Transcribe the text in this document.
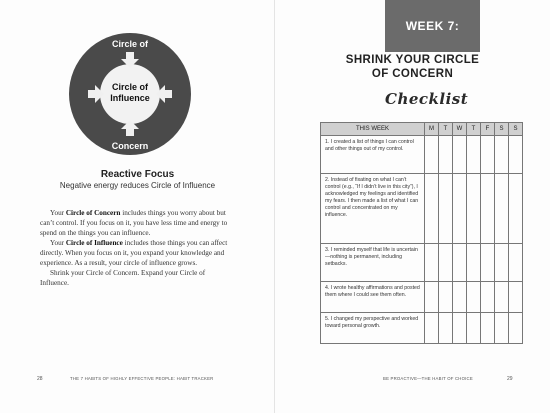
Circle of
Circle of
Influence
Concern
Reactive Focus
Negative energy reduces Circle of Influence

Your Circle of Concern includes things you worry about but can’t control. If you focus on it, you have less time and energy to spend on the things you can influence.

Your Circle of Influence includes those things you can affect directly. When you focus on it, you expand your knowledge and experience. As a result, your circle of influence grows.

Shrink your Circle of Concern. Expand your Circle of Influence.

28	THE 7 HABITS OF HIGHLY EFFECTIVE PEOPLE: HABIT TRACKER
WEEK 7:
SHRINK YOUR CIRCLE
OF CONCERN
Checklist
THIS WEEK	M	T	W	T	F	S	S
1. I created a list of things I can control and other things out of my control.							
2. Instead of fixating on what I can’t control (e.g., “If I didn’t live in this city”), I acknowledged my feelings and identified my fears. I then made a list of what I can control and concentrated on my influence.							
3. I reminded myself that life is uncertain—nothing is permanent, including setbacks.							
4. I wrote healthy affirmations and posted them where I could see them often.							
5. I changed my perspective and worked toward personal growth.							
BE PROACTIVE—THE HABIT OF CHOICE	29
